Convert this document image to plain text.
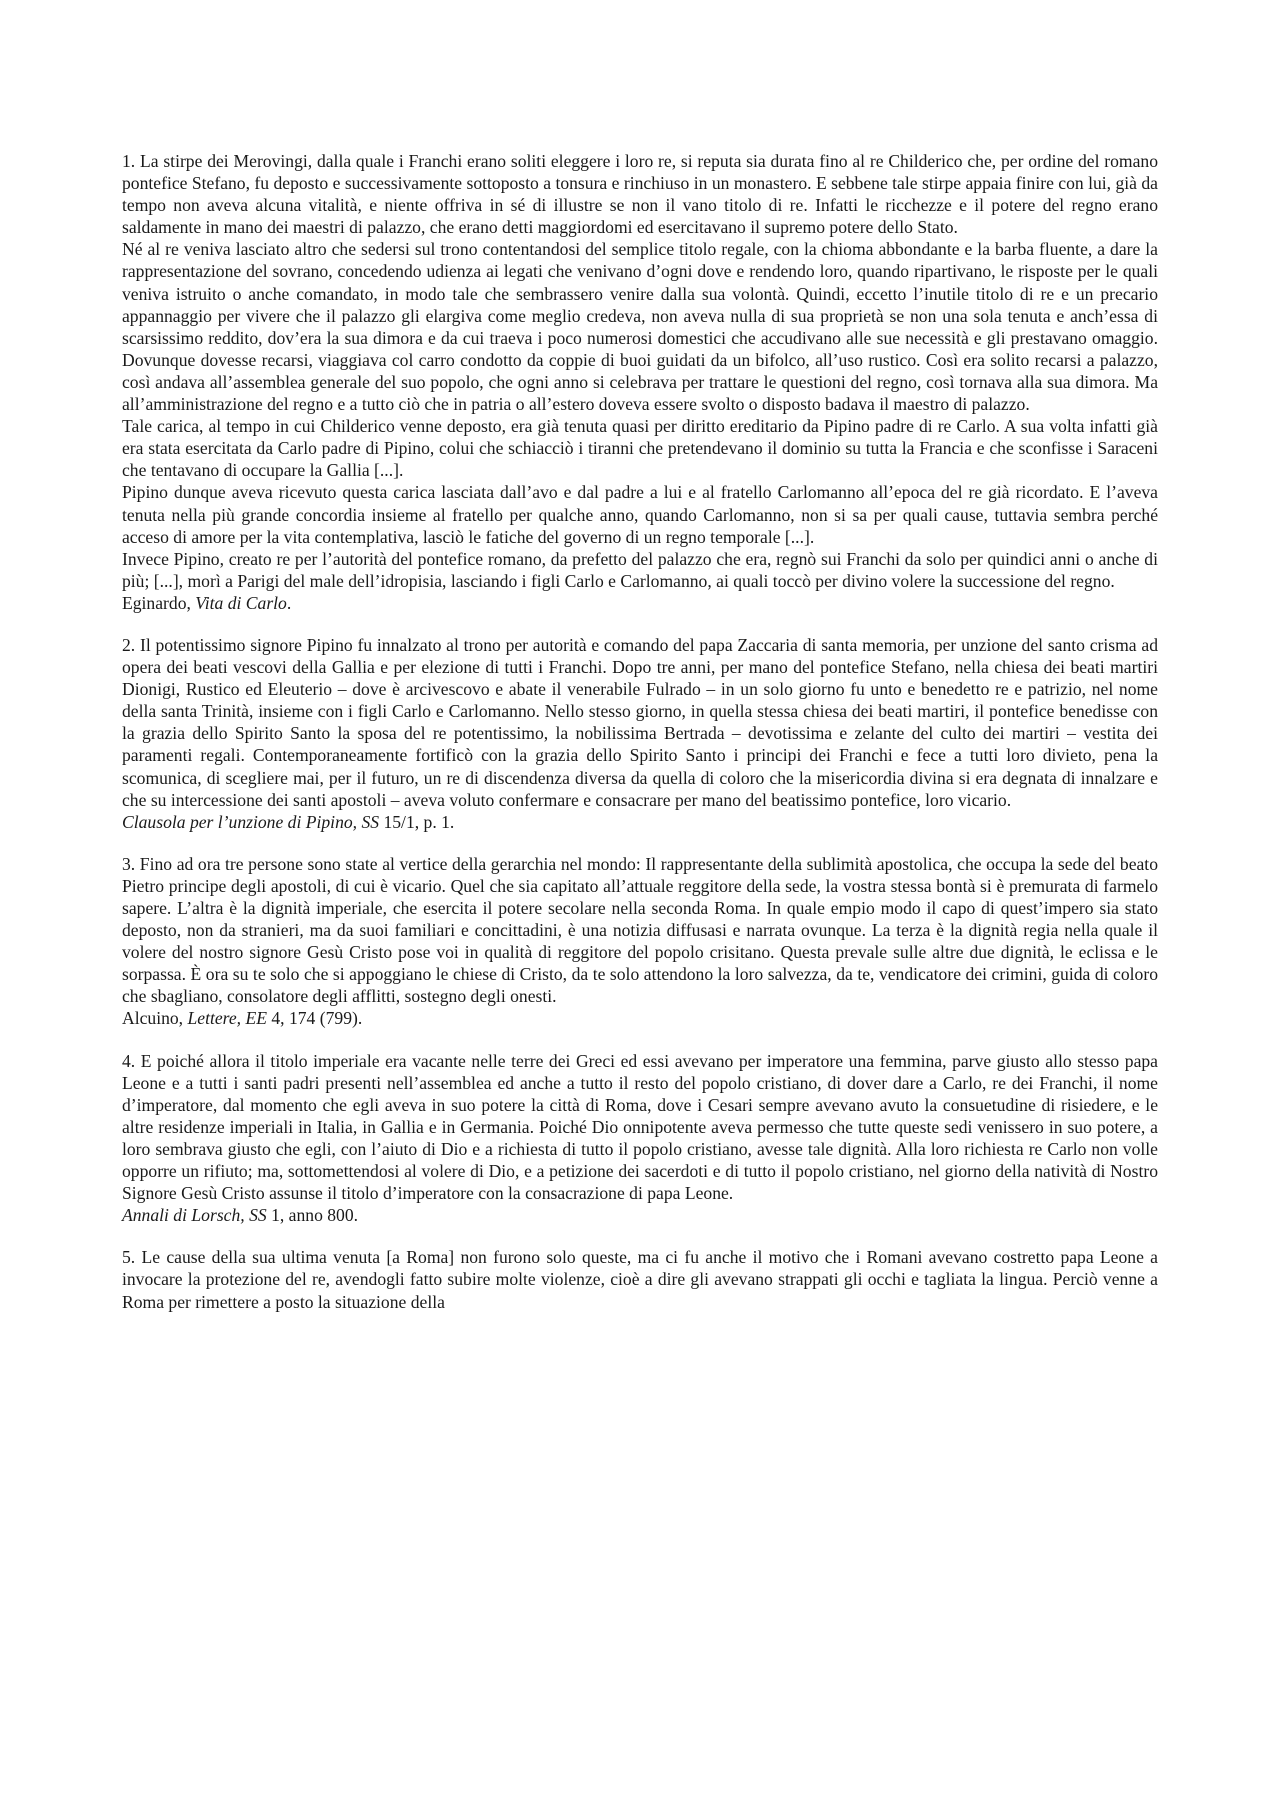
1. La stirpe dei Merovingi, dalla quale i Franchi erano soliti eleggere i loro re, si reputa sia durata fino al re Childerico che, per ordine del romano pontefice Stefano, fu deposto e successivamente sottoposto a tonsura e rinchiuso in un monastero. E sebbene tale stirpe appaia finire con lui, già da tempo non aveva alcuna vitalità, e niente offriva in sé di illustre se non il vano titolo di re. Infatti le ricchezze e il potere del regno erano saldamente in mano dei maestri di palazzo, che erano detti maggiordomi ed esercitavano il supremo potere dello Stato.

Né al re veniva lasciato altro che sedersi sul trono contentandosi del semplice titolo regale, con la chioma abbondante e la barba fluente, a dare la rappresentazione del sovrano, concedendo udienza ai legati che venivano d’ogni dove e rendendo loro, quando ripartivano, le risposte per le quali veniva istruito o anche comandato, in modo tale che sembrassero venire dalla sua volontà. Quindi, eccetto l’inutile titolo di re e un precario appannaggio per vivere che il palazzo gli elargiva come meglio credeva, non aveva nulla di sua proprietà se non una sola tenuta e anch’essa di scarsissimo reddito, dov’era la sua dimora e da cui traeva i poco numerosi domestici che accudivano alle sue necessità e gli prestavano omaggio. Dovunque dovesse recarsi, viaggiava col carro condotto da coppie di buoi guidati da un bifolco, all’uso rustico. Così era solito recarsi a palazzo, così andava all’assemblea generale del suo popolo, che ogni anno si celebrava per trattare le questioni del regno, così tornava alla sua dimora. Ma all’amministrazione del regno e a tutto ciò che in patria o all’estero doveva essere svolto o disposto badava il maestro di palazzo.

Tale carica, al tempo in cui Childerico venne deposto, era già tenuta quasi per diritto ereditario da Pipino padre di re Carlo. A sua volta infatti già era stata esercitata da Carlo padre di Pipino, colui che schiacciò i tiranni che pretendevano il dominio su tutta la Francia e che sconfisse i Saraceni che tentavano di occupare la Gallia [...].

Pipino dunque aveva ricevuto questa carica lasciata dall’avo e dal padre a lui e al fratello Carlomanno all’epoca del re già ricordato. E l’aveva tenuta nella più grande concordia insieme al fratello per qualche anno, quando Carlomanno, non si sa per quali cause, tuttavia sembra perché acceso di amore per la vita contemplativa, lasciò le fatiche del governo di un regno temporale [...].

Invece Pipino, creato re per l’autorità del pontefice romano, da prefetto del palazzo che era, regnò sui Franchi da solo per quindici anni o anche di più; [...], morì a Parigi del male dell’idropisia, lasciando i figli Carlo e Carlomanno, ai quali toccò per divino volere la successione del regno.

Eginardo, Vita di Carlo.

2. Il potentissimo signore Pipino fu innalzato al trono per autorità e comando del papa Zaccaria di santa memoria, per unzione del santo crisma ad opera dei beati vescovi della Gallia e per elezione di tutti i Franchi. Dopo tre anni, per mano del pontefice Stefano, nella chiesa dei beati martiri Dionigi, Rustico ed Eleuterio – dove è arcivescovo e abate il venerabile Fulrado – in un solo giorno fu unto e benedetto re e patrizio, nel nome della santa Trinità, insieme con i figli Carlo e Carlomanno. Nello stesso giorno, in quella stessa chiesa dei beati martiri, il pontefice benedisse con la grazia dello Spirito Santo la sposa del re potentissimo, la nobilissima Bertrada – devotissima e zelante del culto dei martiri – vestita dei paramenti regali. Contemporaneamente fortificò con la grazia dello Spirito Santo i principi dei Franchi e fece a tutti loro divieto, pena la scomunica, di scegliere mai, per il futuro, un re di discendenza diversa da quella di coloro che la misericordia divina si era degnata di innalzare e che su intercessione dei santi apostoli – aveva voluto confermare e consacrare per mano del beatissimo pontefice, loro vicario.

Clausola per l’unzione di Pipino, SS 15/1, p. 1.

3. Fino ad ora tre persone sono state al vertice della gerarchia nel mondo: Il rappresentante della sublimità apostolica, che occupa la sede del beato Pietro principe degli apostoli, di cui è vicario. Quel che sia capitato all’attuale reggitore della sede, la vostra stessa bontà si è premurata di farmelo sapere. L’altra è la dignità imperiale, che esercita il potere secolare nella seconda Roma. In quale empio modo il capo di quest’impero sia stato deposto, non da stranieri, ma da suoi familiari e concittadini, è una notizia diffusasi e narrata ovunque. La terza è la dignità regia nella quale il volere del nostro signore Gesù Cristo pose voi in qualità di reggitore del popolo crisitano. Questa prevale sulle altre due dignità, le eclissa e le sorpassa. È ora su te solo che si appoggiano le chiese di Cristo, da te solo attendono la loro salvezza, da te, vendicatore dei crimini, guida di coloro che sbagliano, consolatore degli afflitti, sostegno degli onesti.

Alcuino, Lettere, EE 4, 174 (799).

4. E poiché allora il titolo imperiale era vacante nelle terre dei Greci ed essi avevano per imperatore una femmina, parve giusto allo stesso papa Leone e a tutti i santi padri presenti nell’assemblea ed anche a tutto il resto del popolo cristiano, di dover dare a Carlo, re dei Franchi, il nome d’imperatore, dal momento che egli aveva in suo potere la città di Roma, dove i Cesari sempre avevano avuto la consuetudine di risiedere, e le altre residenze imperiali in Italia, in Gallia e in Germania. Poiché Dio onnipotente aveva permesso che tutte queste sedi venissero in suo potere, a loro sembrava giusto che egli, con l’aiuto di Dio e a richiesta di tutto il popolo cristiano, avesse tale dignità. Alla loro richiesta re Carlo non volle opporre un rifiuto; ma, sottomettendosi al volere di Dio, e a petizione dei sacerdoti e di tutto il popolo cristiano, nel giorno della natività di Nostro Signore Gesù Cristo assunse il titolo d’imperatore con la consacrazione di papa Leone.

Annali di Lorsch, SS 1, anno 800.

5. Le cause della sua ultima venuta [a Roma] non furono solo queste, ma ci fu anche il motivo che i Romani avevano costretto papa Leone a invocare la protezione del re, avendogli fatto subire molte violenze, cioè a dire gli avevano strappati gli occhi e tagliata la lingua. Perciò venne a Roma per rimettere a posto la situazione della
